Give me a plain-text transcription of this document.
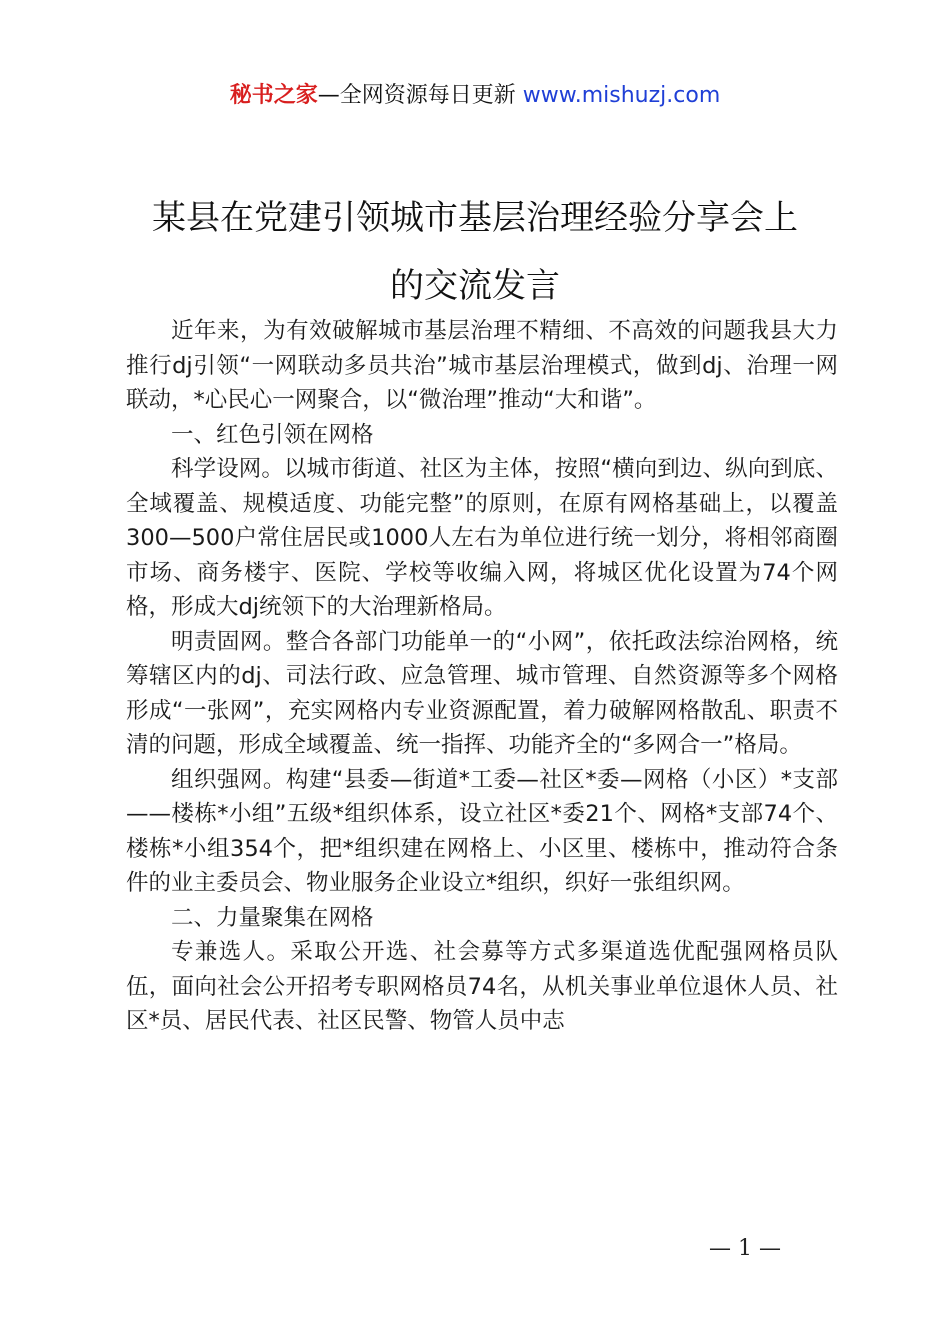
秘书之家—全网资源每日更新 www.mishuzj.com
某县在党建引领城市基层治理经验分享会上
的交流发言

近年来，为有效破解城市基层治理不精细、不高效的问题我县大力推行dj引领“一网联动多员共治”城市基层治理模式，做到dj、治理一网联动，*心民心一网聚合，以“微治理”推动“大和谐”。

一、红色引领在网格

科学设网。以城市街道、社区为主体，按照“横向到边、纵向到底、全域覆盖、规模适度、功能完整”的原则，在原有网格基础上，以覆盖300—500户常住居民或1000人左右为单位进行统一划分，将相邻商圈市场、商务楼宇、医院、学校等收编入网，将城区优化设置为74个网格，形成大dj统领下的大治理新格局。

明责固网。整合各部门功能单一的“小网”，依托政法综治网格，统筹辖区内的dj、司法行政、应急管理、城市管理、自然资源等多个网格形成“一张网”，充实网格内专业资源配置，着力破解网格散乱、职责不清的问题，形成全域覆盖、统一指挥、功能齐全的“多网合一”格局。

组织强网。构建“县委—街道*工委—社区*委—网格（小区）*支部——楼栋*小组”五级*组织体系，设立社区*委21个、网格*支部74个、楼栋*小组354个，把*组织建在网格上、小区里、楼栋中，推动符合条件的业主委员会、物业服务企业设立*组织，织好一张组织网。

二、力量聚集在网格

专兼选人。采取公开选、社会募等方式多渠道选优配强网格员队伍，面向社会公开招考专职网格员74名，从机关事业单位退休人员、社区*员、居民代表、社区民警、物管人员中志

— 1 —
